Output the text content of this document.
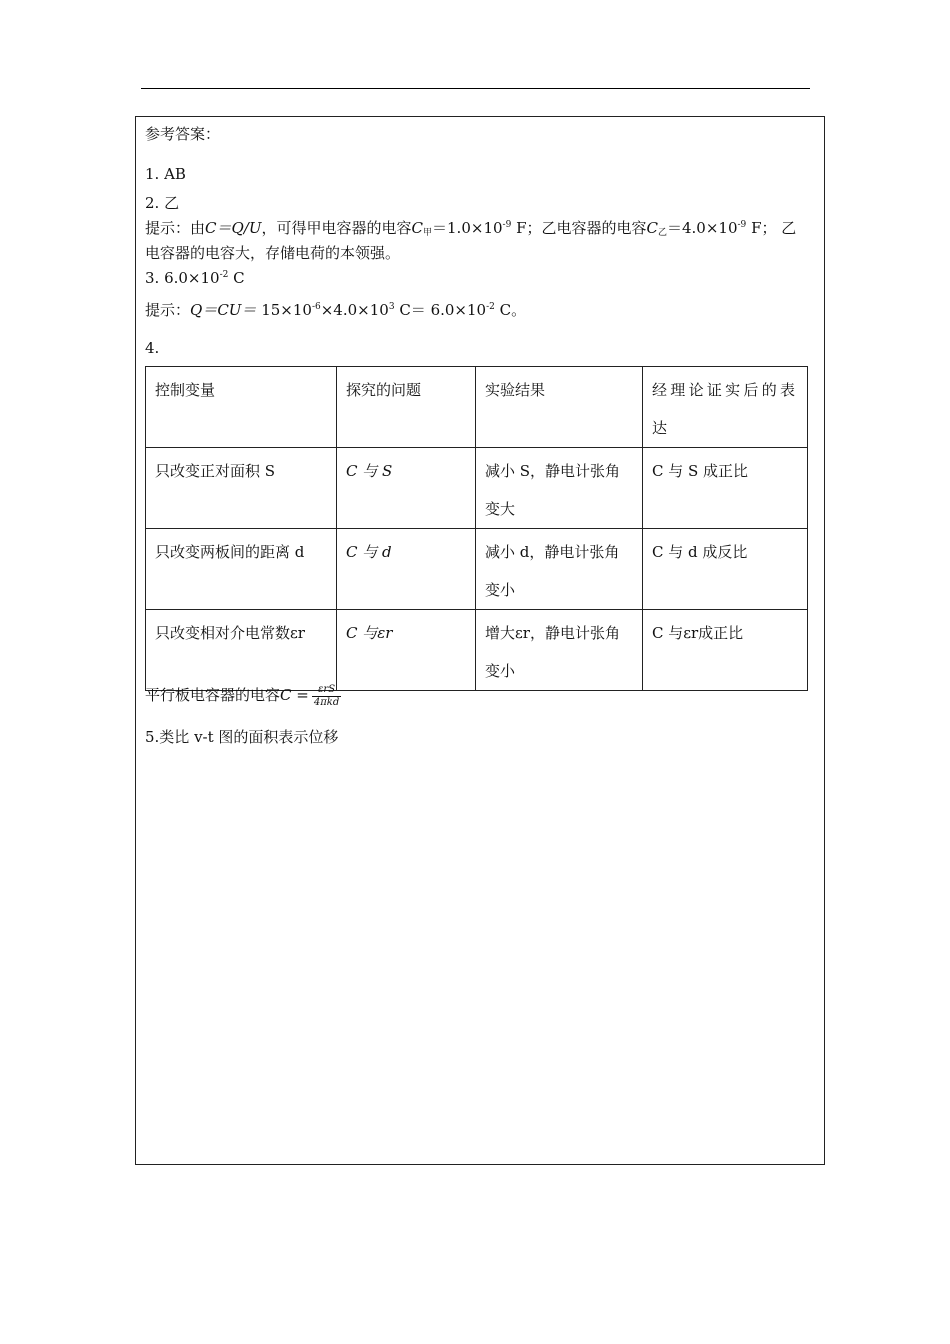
参考答案：
1. AB
2. 乙
提示：由C＝Q/U，可得甲电容器的电容$C_甲=1.0\times 10^{-9}$ F；乙电容器的电容$C_乙=4.0\times 10^{-9}$ F； 乙
电容器的电容大，存储电荷的本领强。
3. $6.0\times 10^{-2}$ C
提示：$Q=CU= 15\times 10^{-6}\times 4.0\times 10^3$ $C= 6.0\times 10^{-2}$ C。
4.
控制变量	探究的问题	实验结果	经理论证实后的表达
只改变正对面积 S	C 与 S	减小 S，静电计张角变大	C 与 S 成正比
只改变两板间的距离 d	C 与 d	减小 d，静电计张角变小	C 与 d 成反比
只改变相对介电常数εr	C 与εr	增大εr，静电计张角变小	C 与εr成正比
平行板电容器的电容$C = \frac{\text{εrS}}{\text{4πkd}}$
5.类比 v-t 图的面积表示位移
